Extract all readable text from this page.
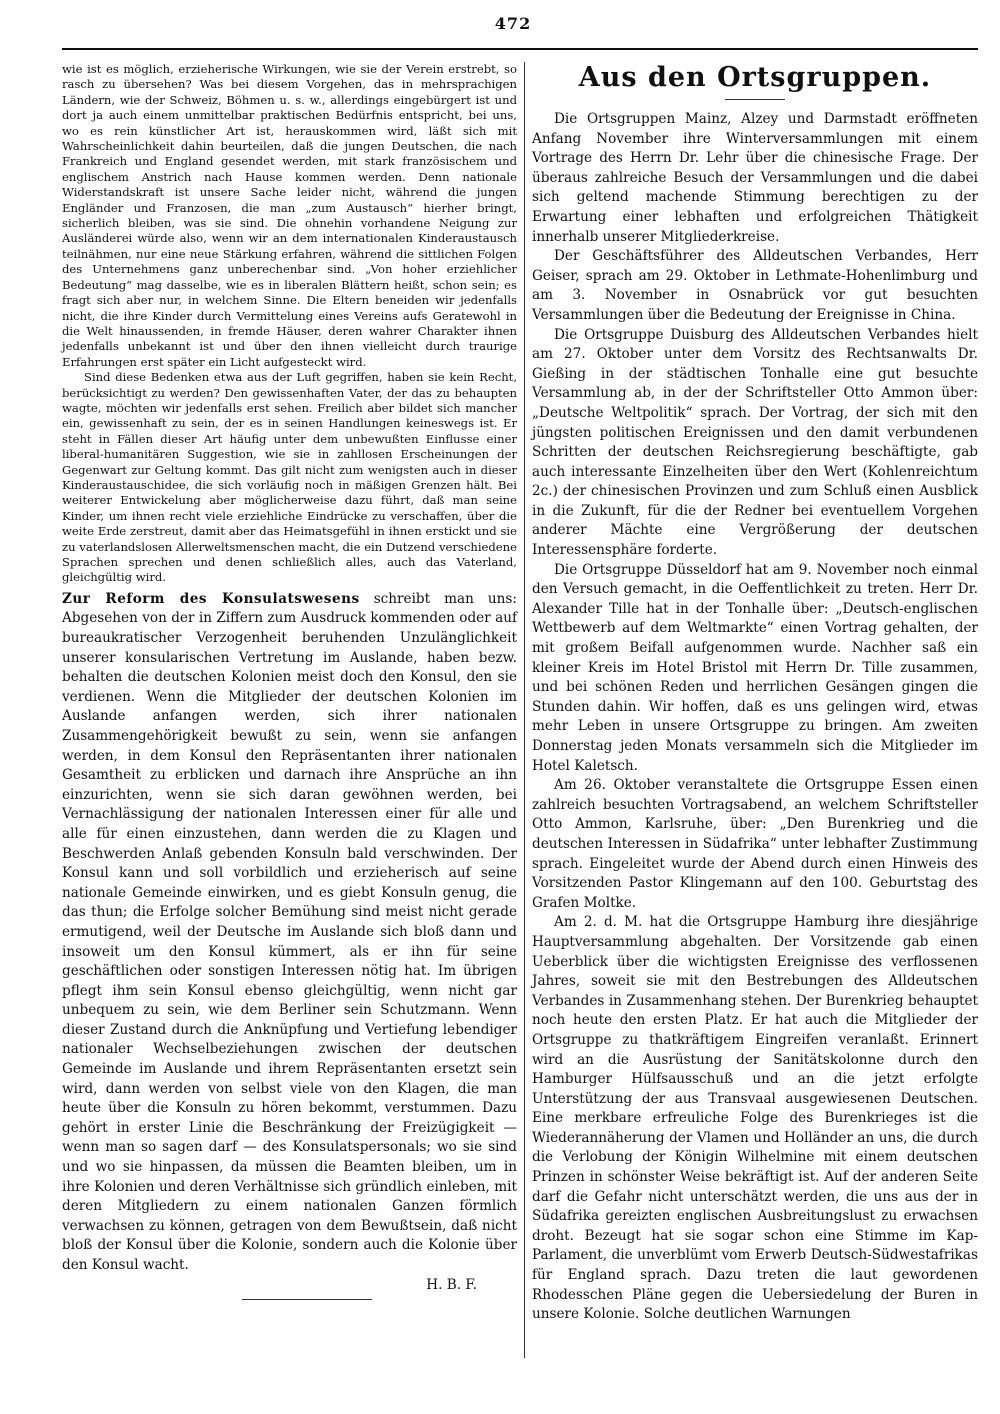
472

wie ist es möglich, erzieherische Wirkungen, wie sie der Verein erstrebt, so rasch zu übersehen? Was bei diesem Vorgehen, das in mehrsprachigen Ländern, wie der Schweiz, Böhmen u. s. w., allerdings eingebürgert ist und dort ja auch einem unmittelbar praktischen Bedürfnis entspricht, bei uns, wo es rein künstlicher Art ist, herauskommen wird, läßt sich mit Wahrscheinlichkeit dahin beurteilen, daß die jungen Deutschen, die nach Frankreich und England gesendet werden, mit stark französischem und englischem Anstrich nach Hause kommen werden. Denn nationale Widerstandskraft ist unsere Sache leider nicht, während die jungen Engländer und Franzosen, die man „zum Austausch“ hierher bringt, sicherlich bleiben, was sie sind. Die ohnehin vorhandene Neigung zur Ausländerei würde also, wenn wir an dem internationalen Kinderaustausch teilnähmen, nur eine neue Stärkung erfahren, während die sittlichen Folgen des Unternehmens ganz unberechenbar sind. „Von hoher erziehlicher Bedeutung“ mag dasselbe, wie es in liberalen Blättern heißt, schon sein; es fragt sich aber nur, in welchem Sinne. Die Eltern beneiden wir jedenfalls nicht, die ihre Kinder durch Vermittelung eines Vereins aufs Geratewohl in die Welt hinaussenden, in fremde Häuser, deren wahrer Charakter ihnen jedenfalls unbekannt ist und über den ihnen vielleicht durch traurige Erfahrungen erst später ein Licht aufgesteckt wird.

Sind diese Bedenken etwa aus der Luft gegriffen, haben sie kein Recht, berücksichtigt zu werden? Den gewissenhaften Vater, der das zu behaupten wagte, möchten wir jedenfalls erst sehen. Freilich aber bildet sich mancher ein, gewissenhaft zu sein, der es in seinen Handlungen keineswegs ist. Er steht in Fällen dieser Art häufig unter dem unbewußten Einflusse einer liberal-humanitären Suggestion, wie sie in zahllosen Erscheinungen der Gegenwart zur Geltung kommt. Das gilt nicht zum wenigsten auch in dieser Kinderaustauschidee, die sich vorläufig noch in mäßigen Grenzen hält. Bei weiterer Entwickelung aber möglicherweise dazu führt, daß man seine Kinder, um ihnen recht viele erziehliche Eindrücke zu verschaffen, über die weite Erde zerstreut, damit aber das Heimatsgefühl in ihnen erstickt und sie zu vaterlandslosen Allerweltsmenschen macht, die ein Dutzend verschiedene Sprachen sprechen und denen schließlich alles, auch das Vaterland, gleichgültig wird.

Zur Reform des Konsulatswesens schreibt man uns: Abgesehen von der in Ziffern zum Ausdruck kommenden oder auf bureaukratischer Verzogenheit beruhenden Unzulänglichkeit unserer konsularischen Vertretung im Auslande, haben bezw. behalten die deutschen Kolonien meist doch den Konsul, den sie verdienen. Wenn die Mitglieder der deutschen Kolonien im Auslande anfangen werden, sich ihrer nationalen Zusammengehörigkeit bewußt zu sein, wenn sie anfangen werden, in dem Konsul den Repräsentanten ihrer nationalen Gesamtheit zu erblicken und darnach ihre Ansprüche an ihn einzurichten, wenn sie sich daran gewöhnen werden, bei Vernachlässigung der nationalen Interessen einer für alle und alle für einen einzustehen, dann werden die zu Klagen und Beschwerden Anlaß gebenden Konsuln bald verschwinden. Der Konsul kann und soll vorbildlich und erzieherisch auf seine nationale Gemeinde einwirken, und es giebt Konsuln genug, die das thun; die Erfolge solcher Bemühung sind meist nicht gerade ermutigend, weil der Deutsche im Auslande sich bloß dann und insoweit um den Konsul kümmert, als er ihn für seine geschäftlichen oder sonstigen Interessen nötig hat. Im übrigen pflegt ihm sein Konsul ebenso gleichgültig, wenn nicht gar unbequem zu sein, wie dem Berliner sein Schutzmann. Wenn dieser Zustand durch die Anknüpfung und Vertiefung lebendiger nationaler Wechselbeziehungen zwischen der deutschen Gemeinde im Auslande und ihrem Repräsentanten ersetzt sein wird, dann werden von selbst viele von den Klagen, die man heute über die Konsuln zu hören bekommt, verstummen. Dazu gehört in erster Linie die Beschränkung der Freizügigkeit — wenn man so sagen darf — des Konsulatspersonals; wo sie sind und wo sie hinpassen, da müssen die Beamten bleiben, um in ihre Kolonien und deren Verhältnisse sich gründlich einleben, mit deren Mitgliedern zu einem nationalen Ganzen förmlich verwachsen zu können, getragen von dem Bewußtsein, daß nicht bloß der Konsul über die Kolonie, sondern auch die Kolonie über den Konsul wacht.

H. B. F.

Aus den Ortsgruppen.

Die Ortsgruppen Mainz, Alzey und Darmstadt eröffneten Anfang November ihre Winterversammlungen mit einem Vortrage des Herrn Dr. Lehr über die chinesische Frage. Der überaus zahlreiche Besuch der Versammlungen und die dabei sich geltend machende Stimmung berechtigen zu der Erwartung einer lebhaften und erfolgreichen Thätigkeit innerhalb unserer Mitgliederkreise.

Der Geschäftsführer des Alldeutschen Verbandes, Herr Geiser, sprach am 29. Oktober in Lethmate-Hohenlimburg und am 3. November in Osnabrück vor gut besuchten Versammlungen über die Bedeutung der Ereignisse in China.

Die Ortsgruppe Duisburg des Alldeutschen Verbandes hielt am 27. Oktober unter dem Vorsitz des Rechtsanwalts Dr. Gießing in der städtischen Tonhalle eine gut besuchte Versammlung ab, in der der Schriftsteller Otto Ammon über: „Deutsche Weltpolitik“ sprach. Der Vortrag, der sich mit den jüngsten politischen Ereignissen und den damit verbundenen Schritten der deutschen Reichsregierung beschäftigte, gab auch interessante Einzelheiten über den Wert (Kohlenreichtum 2c.) der chinesischen Provinzen und zum Schluß einen Ausblick in die Zukunft, für die der Redner bei eventuellem Vorgehen anderer Mächte eine Vergrößerung der deutschen Interessensphäre forderte.

Die Ortsgruppe Düsseldorf hat am 9. November noch einmal den Versuch gemacht, in die Oeffentlichkeit zu treten. Herr Dr. Alexander Tille hat in der Tonhalle über: „Deutsch-englischen Wettbewerb auf dem Weltmarkte“ einen Vortrag gehalten, der mit großem Beifall aufgenommen wurde. Nachher saß ein kleiner Kreis im Hotel Bristol mit Herrn Dr. Tille zusammen, und bei schönen Reden und herrlichen Gesängen gingen die Stunden dahin. Wir hoffen, daß es uns gelingen wird, etwas mehr Leben in unsere Ortsgruppe zu bringen. Am zweiten Donnerstag jeden Monats versammeln sich die Mitglieder im Hotel Kaletsch.

Am 26. Oktober veranstaltete die Ortsgruppe Essen einen zahlreich besuchten Vortragsabend, an welchem Schriftsteller Otto Ammon, Karlsruhe, über: „Den Burenkrieg und die deutschen Interessen in Südafrika“ unter lebhafter Zustimmung sprach. Eingeleitet wurde der Abend durch einen Hinweis des Vorsitzenden Pastor Klingemann auf den 100. Geburtstag des Grafen Moltke.

Am 2. d. M. hat die Ortsgruppe Hamburg ihre diesjährige Hauptversammlung abgehalten. Der Vorsitzende gab einen Ueberblick über die wichtigsten Ereignisse des verflossenen Jahres, soweit sie mit den Bestrebungen des Alldeutschen Verbandes in Zusammenhang stehen. Der Burenkrieg behauptet noch heute den ersten Platz. Er hat auch die Mitglieder der Ortsgruppe zu thatkräftigem Eingreifen veranlaßt. Erinnert wird an die Ausrüstung der Sanitätskolonne durch den Hamburger Hülfsausschuß und an die jetzt erfolgte Unterstützung der aus Transvaal ausgewiesenen Deutschen. Eine merkbare erfreuliche Folge des Burenkrieges ist die Wiederannäherung der Vlamen und Holländer an uns, die durch die Verlobung der Königin Wilhelmine mit einem deutschen Prinzen in schönster Weise bekräftigt ist. Auf der anderen Seite darf die Gefahr nicht unterschätzt werden, die uns aus der in Südafrika gereizten englischen Ausbreitungslust zu erwachsen droht. Bezeugt hat sie sogar schon eine Stimme im Kap-Parlament, die unverblümt vom Erwerb Deutsch-Südwestafrikas für England sprach. Dazu treten die laut gewordenen Rhodesschen Pläne gegen die Uebersiedelung der Buren in unsere Kolonie. Solche deutlichen Warnungen
